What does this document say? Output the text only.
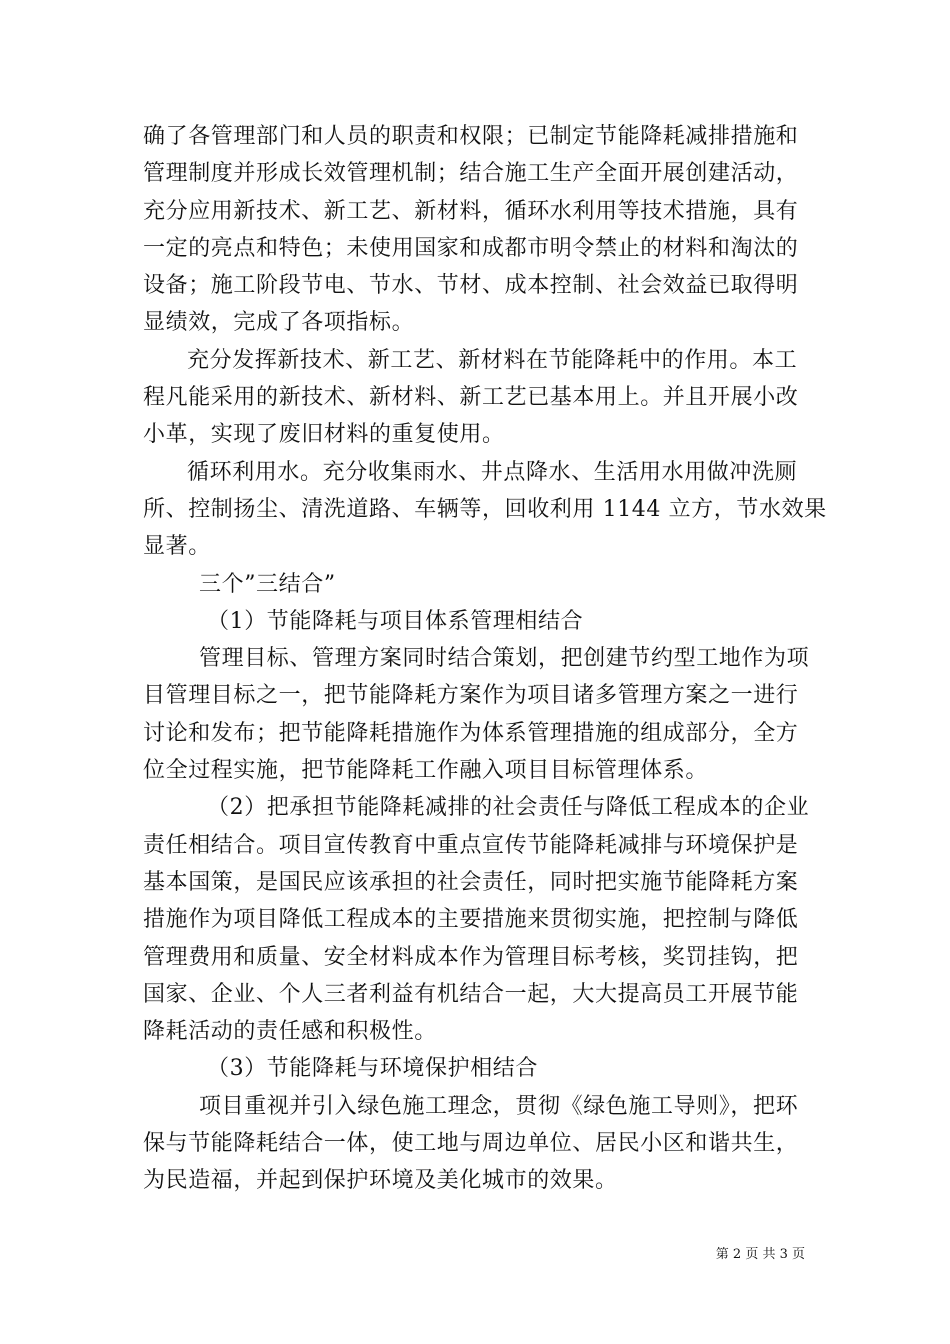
确了各管理部门和人员的职责和权限；已制定节能降耗减排措施和
管理制度并形成长效管理机制；结合施工生产全面开展创建活动，
充分应用新技术、新工艺、新材料，循环水利用等技术措施，具有
一定的亮点和特色；未使用国家和成都市明令禁止的材料和淘汰的
设备；施工阶段节电、节水、节材、成本控制、社会效益已取得明
显绩效，完成了各项指标。
充分发挥新技术、新工艺、新材料在节能降耗中的作用。本工
程凡能采用的新技术、新材料、新工艺已基本用上。并且开展小改
小革，实现了废旧材料的重复使用。
循环利用水。充分收集雨水、井点降水、生活用水用做冲洗厕
所、控制扬尘、清洗道路、车辆等，回收利用 1144 立方，节水效果
显著。
三个”三结合”
（1）节能降耗与项目体系管理相结合
管理目标、管理方案同时结合策划，把创建节约型工地作为项
目管理目标之一，把节能降耗方案作为项目诸多管理方案之一进行
讨论和发布；把节能降耗措施作为体系管理措施的组成部分，全方
位全过程实施，把节能降耗工作融入项目目标管理体系。
（2）把承担节能降耗减排的社会责任与降低工程成本的企业
责任相结合。项目宣传教育中重点宣传节能降耗减排与环境保护是
基本国策，是国民应该承担的社会责任，同时把实施节能降耗方案
措施作为项目降低工程成本的主要措施来贯彻实施，把控制与降低
管理费用和质量、安全材料成本作为管理目标考核，奖罚挂钩，把
国家、企业、个人三者利益有机结合一起，大大提高员工开展节能
降耗活动的责任感和积极性。
（3）节能降耗与环境保护相结合
项目重视并引入绿色施工理念，贯彻《绿色施工导则》，把环
保与节能降耗结合一体，使工地与周边单位、居民小区和谐共生，
为民造福，并起到保护环境及美化城市的效果。
第 2 页 共 3 页
